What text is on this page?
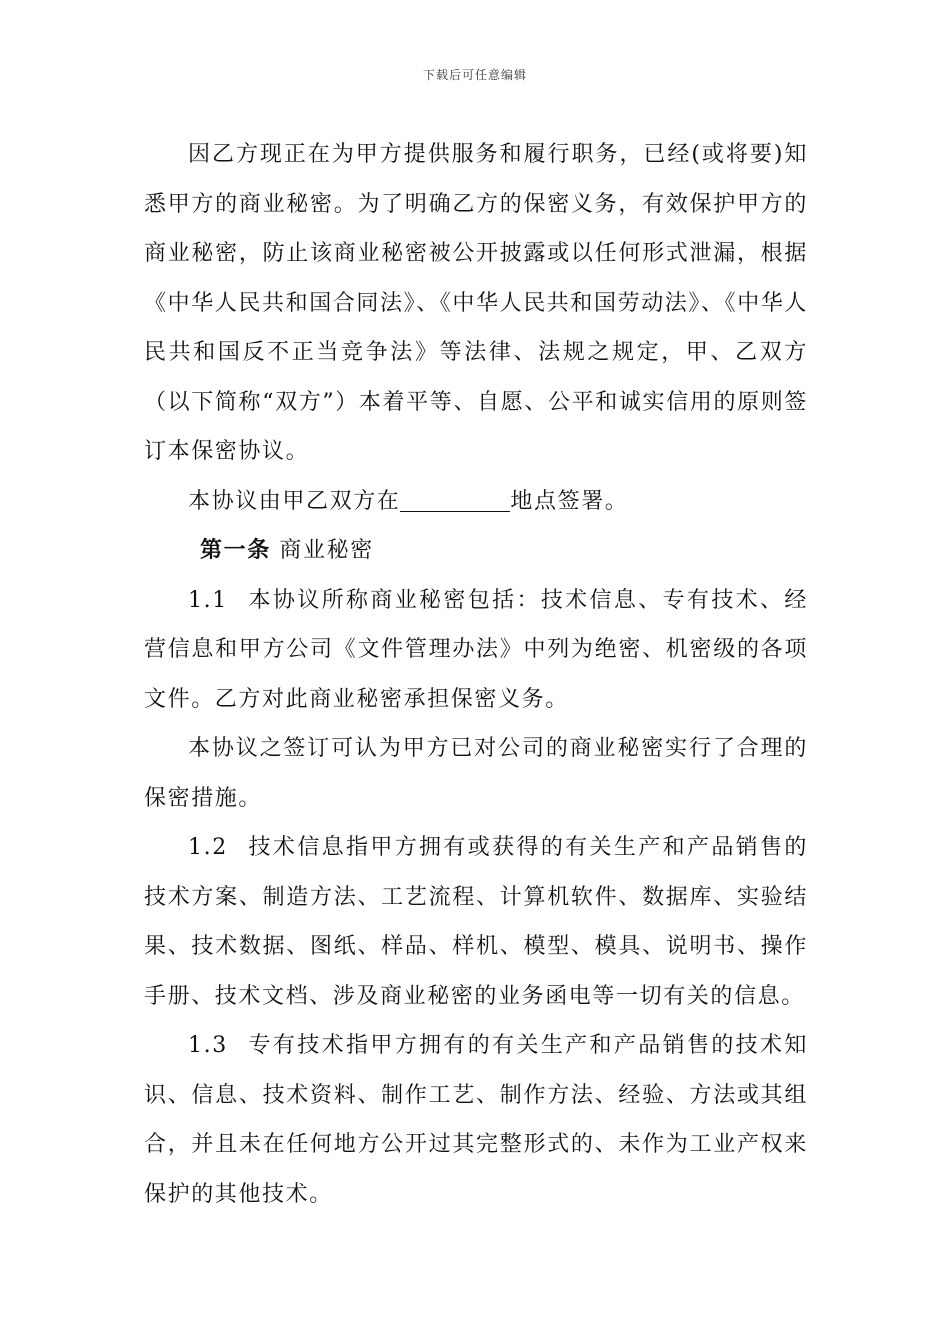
下载后可任意编辑

因乙方现正在为甲方提供服务和履行职务，已经(或将要)知悉甲方的商业秘密。为了明确乙方的保密义务，有效保护甲方的商业秘密，防止该商业秘密被公开披露或以任何形式泄漏，根据《中华人民共和国合同法》、《中华人民共和国劳动法》、《中华人民共和国反不正当竞争法》等法律、法规之规定，甲、乙双方（以下简称“双方”）本着平等、自愿、公平和诚实信用的原则签订本保密协议。

本协议由甲乙双方在	地点签署。

第一条 商业秘密

1.1 本协议所称商业秘密包括：技术信息、专有技术、经营信息和甲方公司《文件管理办法》中列为绝密、机密级的各项文件。乙方对此商业秘密承担保密义务。

本协议之签订可认为甲方已对公司的商业秘密实行了合理的保密措施。

1.2 技术信息指甲方拥有或获得的有关生产和产品销售的技术方案、制造方法、工艺流程、计算机软件、数据库、实验结果、技术数据、图纸、样品、样机、模型、模具、说明书、操作手册、技术文档、涉及商业秘密的业务函电等一切有关的信息。

1.3 专有技术指甲方拥有的有关生产和产品销售的技术知识、信息、技术资料、制作工艺、制作方法、经验、方法或其组合，并且未在任何地方公开过其完整形式的、未作为工业产权来保护的其他技术。
